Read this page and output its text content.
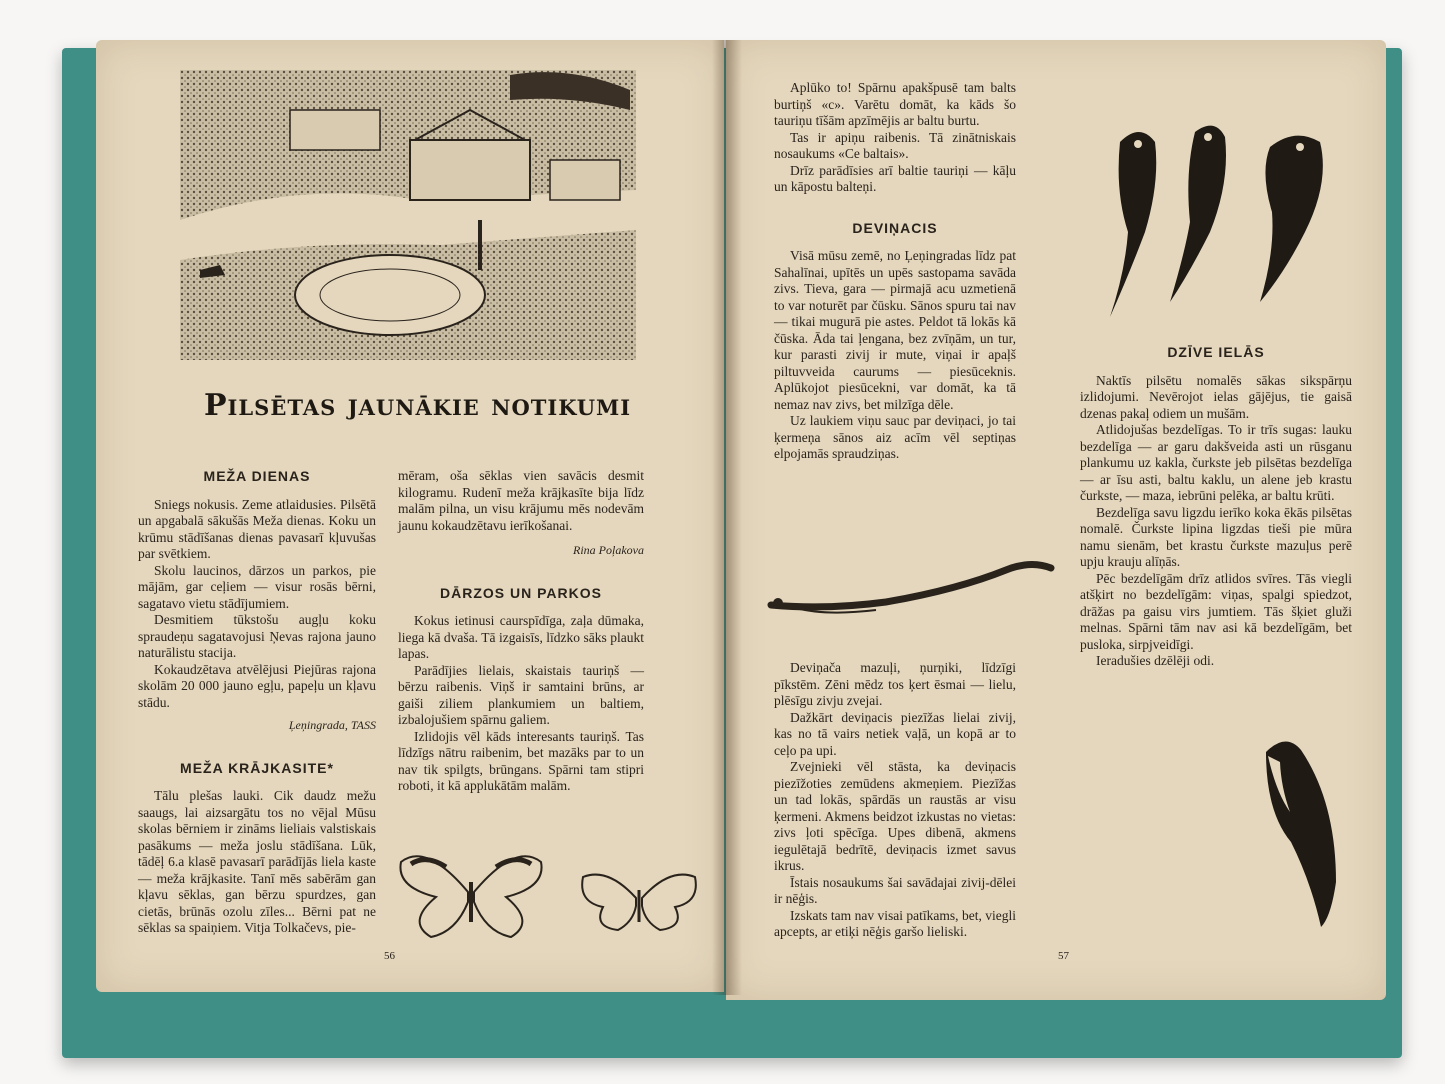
Pilsētas jaunākie notikumi
MEŽA DIENAS

Sniegs nokusis. Zeme atlaidusies. Pilsētā un apgabalā sākušās Meža dienas. Koku un krūmu stādīšanas dienas pavasarī kļuvušas par svētkiem.

Skolu laucinos, dārzos un parkos, pie mājām, gar ceļiem — visur rosās bērni, sagatavo vietu stādījumiem.

Desmitiem tūkstošu augļu koku spraudeņu sagatavojusi Ņevas rajona jauno naturālistu stacija.

Kokaudzētava atvēlējusi Piejūras rajona skolām 20 000 jauno egļu, papeļu un kļavu stādu.

Ļeņingrada, TASS
MEŽA KRĀJKASITE*

Tālu plešas lauki. Cik daudz mežu saaugs, lai aizsargātu tos no vējal Mūsu skolas bērniem ir zināms lieliais valstiskais pasākums — meža joslu stādīšana. Lūk, tādēļ 6.a klasē pavasarī parādījās liela kaste — meža krājkasite. Tanī mēs sabērām gan kļavu sēklas, gan bērzu spurdzes, gan cietās, brūnās ozolu zīles... Bērni pat ne sēklas sa spaiņiem. Vitja Tolkačevs, pie-

mēram, oša sēklas vien savācis desmit kilogramu. Rudenī meža krājkasīte bija līdz malām pilna, un visu krājumu mēs nodevām jaunu kokaudzētavu ierīkošanai.

Rina Poļakova
DĀRZOS UN PARKOS

Kokus ietinusi caurspīdīga, zaļa dūmaka, liega kā dvaša. Tā izgaisīs, līdzko sāks plaukt lapas.

Parādījies lielais, skaistais tauriņš — bērzu raibenis. Viņš ir samtaini brūns, ar gaiši ziliem plankumiem un baltiem, izbalojušiem spārnu galiem.

Izlidojis vēl kāds interesants tauriņš. Tas līdzīgs nātru raibenim, bet mazāks par to un nav tik spilgts, brūngans. Spārni tam stipri roboti, it kā applukātām malām.

56

Aplūko to! Spārnu apakšpusē tam balts burtiņš «c». Varētu domāt, ka kāds šo tauriņu tīšām apzīmējis ar baltu burtu.

Tas ir apiņu raibenis. Tā zinātniskais nosaukums «Ce baltais».

Drīz parādīsies arī baltie tauriņi — kāļu un kāpostu balteņi.

DEVIŅACIS

Visā mūsu zemē, no Ļeņingradas līdz pat Sahalīnai, upītēs un upēs sastopama savāda zivs. Tieva, gara — pirmajā acu uzmetienā to var noturēt par čūsku. Sānos spuru tai nav — tikai mugurā pie astes. Peldot tā lokās kā čūska. Āda tai ļengana, bez zvīņām, un tur, kur parasti zivij ir mute, viņai ir apaļš piltuvveida caurums — piesūceknis. Aplūkojot piesūcekni, var domāt, ka tā nemaz nav zivs, bet milzīga dēle.

Uz laukiem viņu sauc par deviņaci, jo tai ķermeņa sānos aiz acīm vēl septiņas elpojamās spraudziņas.

Deviņača mazuļi, ņurņiki, līdzīgi pīkstēm. Zēni mēdz tos ķert ēsmai — lielu, plēsīgu zivju zvejai.

Dažkārt deviņacis piezīžas lielai zivij, kas no tā vairs netiek vaļā, un kopā ar to ceļo pa upi.

Zvejnieki vēl stāsta, ka deviņacis piezīžoties zemūdens akmeņiem. Piezīžas un tad lokās, spārdās un raustās ar visu ķermeni. Akmens beidzot izkustas no vietas: zivs ļoti spēcīga. Upes dibenā, akmens iegulētajā bedrītē, deviņacis izmet savus ikrus.

Īstais nosaukums šai savādajai zivij-dēlei ir nēģis.

Izskats tam nav visai patīkams, bet, viegli apcepts, ar etiķi nēģis garšo lieliski.

DZĪVE IELĀS

Naktīs pilsētu nomalēs sākas sikspārņu izlidojumi. Nevērojot ielas gājējus, tie gaisā dzenas pakaļ odiem un mušām.

Atlidojušas bezdelīgas. To ir trīs sugas: lauku bezdelīga — ar garu dakšveida asti un rūsganu plankumu uz kakla, čurkste jeb pilsētas bezdelīga — ar īsu asti, baltu kaklu, un alene jeb krastu čurkste, — maza, iebrūni pelēka, ar baltu krūti.

Bezdelīga savu ligzdu ierīko koka ēkās pilsētas nomalē. Čurkste lipina ligzdas tieši pie mūra namu sienām, bet krastu čurkste mazuļus perē upju krauju alīņās.

Pēc bezdelīgām drīz atlidos svīres. Tās viegli atšķirt no bezdelīgām: viņas, spalgi spiedzot, drāžas pa gaisu virs jumtiem. Tās šķiet gluži melnas. Spārni tām nav asi kā bezdelīgām, bet pusloka, sirpjveidīgi.

Ieradušies dzēlēji odi.

57
